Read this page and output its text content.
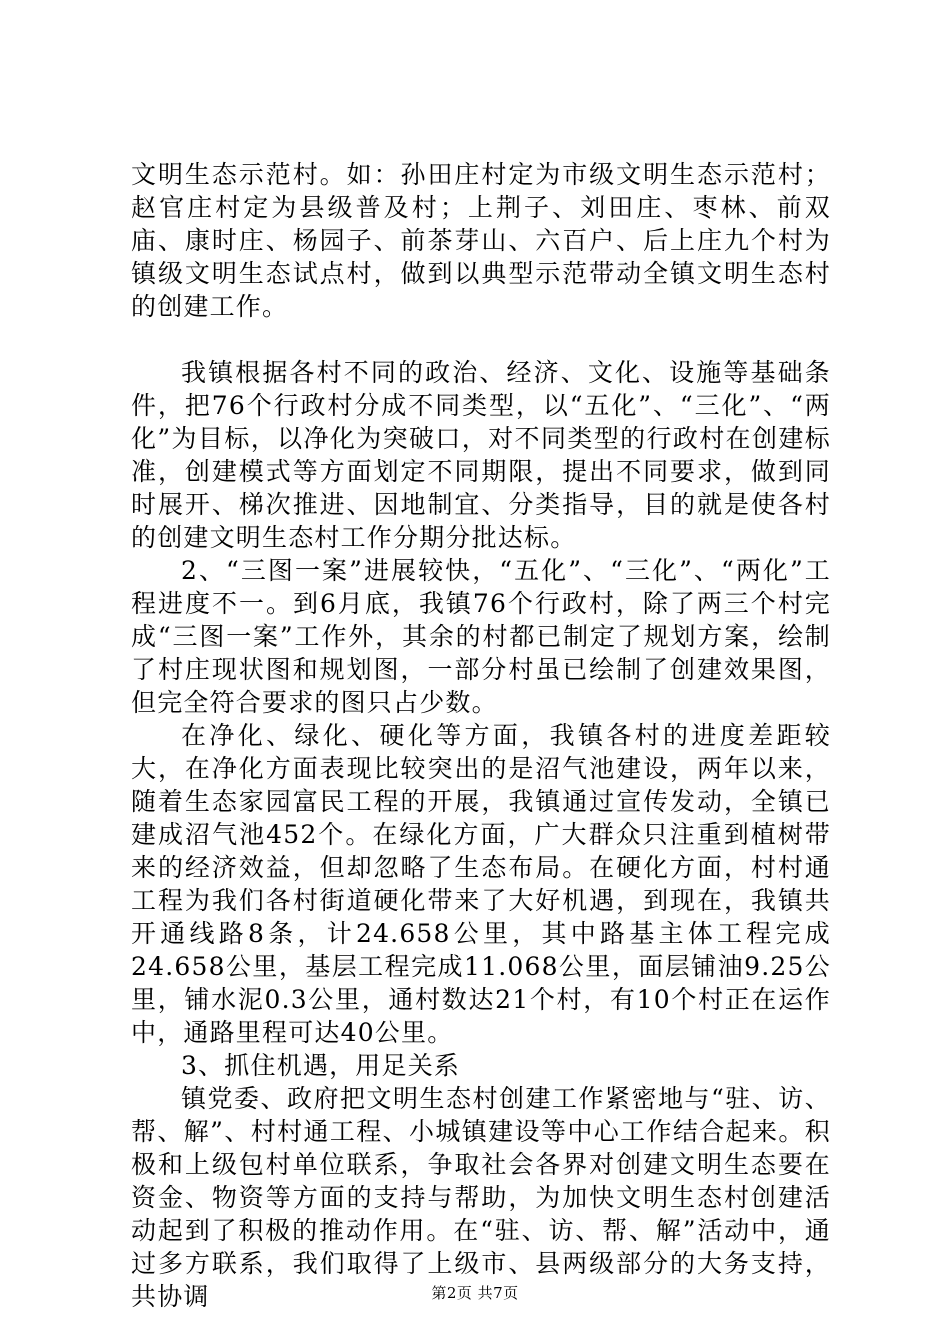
文明生态示范村。如：孙田庄村定为市级文明生态示范村；赵官庄村定为县级普及村；上荆子、刘田庄、枣林、前双庙、康时庄、杨园子、前茶芽山、六百户、后上庄九个村为镇级文明生态试点村，做到以典型示范带动全镇文明生态村的创建工作。

我镇根据各村不同的政治、经济、文化、设施等基础条件，把76个行政村分成不同类型，以“五化”、“三化”、“两化”为目标，以净化为突破口，对不同类型的行政村在创建标准，创建模式等方面划定不同期限，提出不同要求，做到同时展开、梯次推进、因地制宜、分类指导，目的就是使各村的创建文明生态村工作分期分批达标。

2、“三图一案”进展较快，“五化”、“三化”、“两化”工程进度不一。到6月底，我镇76个行政村，除了两三个村完成“三图一案”工作外，其余的村都已制定了规划方案，绘制了村庄现状图和规划图，一部分村虽已绘制了创建效果图，但完全符合要求的图只占少数。

在净化、绿化、硬化等方面，我镇各村的进度差距较大，在净化方面表现比较突出的是沼气池建设，两年以来，随着生态家园富民工程的开展，我镇通过宣传发动，全镇已建成沼气池452个。在绿化方面，广大群众只注重到植树带来的经济效益，但却忽略了生态布局。在硬化方面，村村通工程为我们各村街道硬化带来了大好机遇，到现在，我镇共开通线路8条，计24.658公里，其中路基主体工程完成24.658公里，基层工程完成11.068公里，面层铺油9.25公里，铺水泥0.3公里，通村数达21个村，有10个村正在运作中，通路里程可达40公里。

3、抓住机遇，用足关系

镇党委、政府把文明生态村创建工作紧密地与“驻、访、帮、解”、村村通工程、小城镇建设等中心工作结合起来。积极和上级包村单位联系，争取社会各界对创建文明生态要在资金、物资等方面的支持与帮助，为加快文明生态村创建活动起到了积极的推动作用。在“驻、访、帮、解”活动中，通过多方联系，我们取得了上级市、县两级部分的大务支持，共协调	第2页 共7页
